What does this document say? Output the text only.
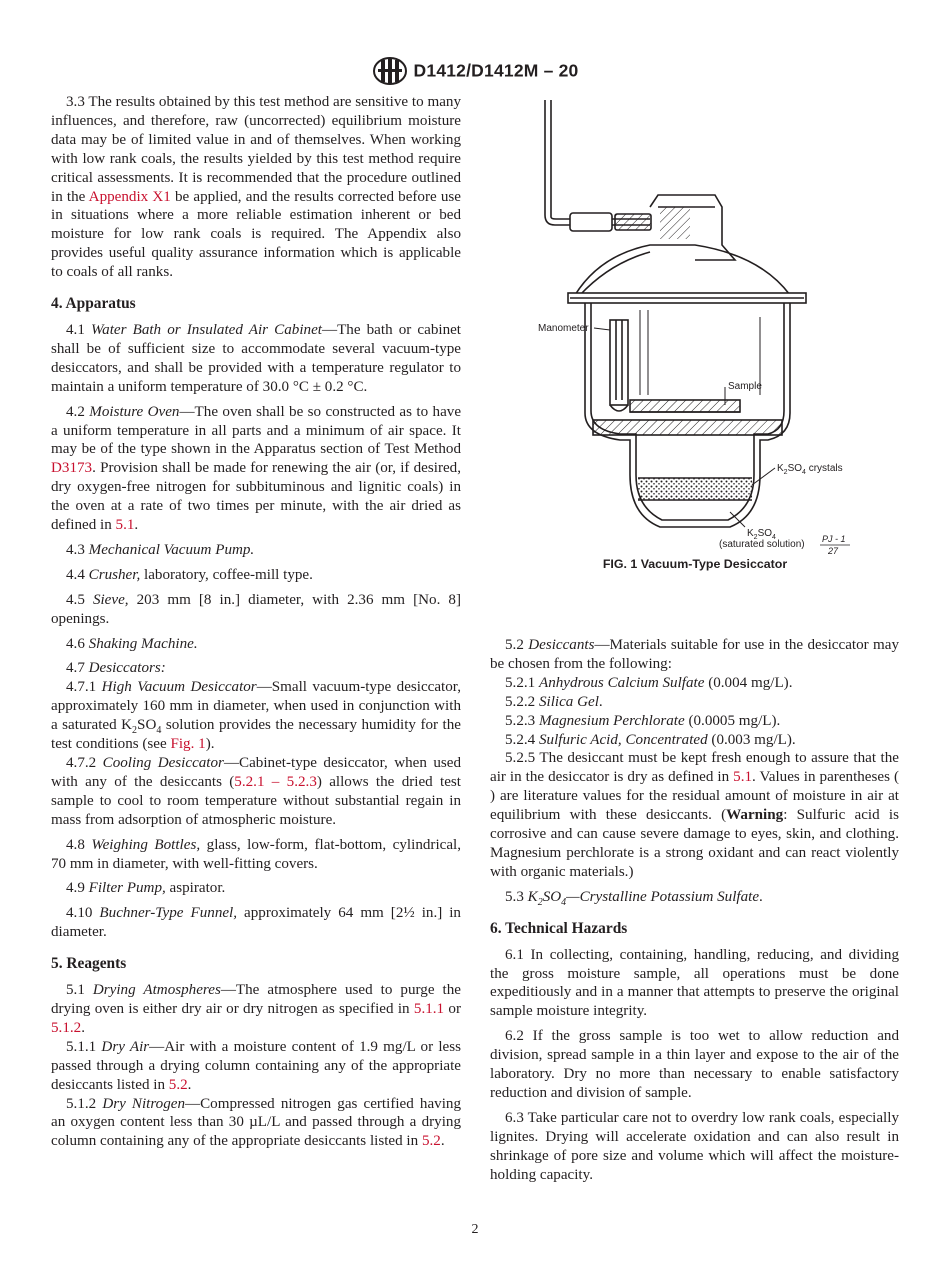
D1412/D1412M – 20

3.3 The results obtained by this test method are sensitive to many influences, and therefore, raw (uncorrected) equilibrium moisture data may be of limited value in and of themselves. When working with low rank coals, the results yielded by this test method require critical assessments. It is recommended that the procedure outlined in the Appendix X1 be applied, and the results corrected before use in situations where a more reliable estimation inherent or bed moisture for low rank coals is required. The Appendix also provides useful quality assurance information which is applicable to coals of all ranks.

4. Apparatus

4.1 Water Bath or Insulated Air Cabinet—The bath or cabinet shall be of sufficient size to accommodate several vacuum-type desiccators, and shall be provided with a temperature regulator to maintain a uniform temperature of 30.0 °C ± 0.2 °C.

4.2 Moisture Oven—The oven shall be so constructed as to have a uniform temperature in all parts and a minimum of air space. It may be of the type shown in the Apparatus section of Test Method D3173. Provision shall be made for renewing the air (or, if desired, dry oxygen-free nitrogen for subbituminous and lignitic coals) in the oven at a rate of two times per minute, with the air dried as defined in 5.1.

4.3 Mechanical Vacuum Pump.

4.4 Crusher, laboratory, coffee-mill type.

4.5 Sieve, 203 mm [8 in.] diameter, with 2.36 mm [No. 8] openings.

4.6 Shaking Machine.

4.7 Desiccators:

4.7.1 High Vacuum Desiccator—Small vacuum-type desiccator, approximately 160 mm in diameter, when used in conjunction with a saturated $K_2SO_4$ solution provides the necessary humidity for the test conditions (see Fig. 1).

4.7.2 Cooling Desiccator—Cabinet-type desiccator, when used with any of the desiccants (5.2.1 – 5.2.3) allows the dried test sample to cool to room temperature without substantial regain in mass from adsorption of atmospheric moisture.

4.8 Weighing Bottles, glass, low-form, flat-bottom, cylindrical, 70 mm in diameter, with well-fitting covers.

4.9 Filter Pump, aspirator.

4.10 Buchner-Type Funnel, approximately 64 mm [2½ in.] in diameter.

5. Reagents

5.1 Drying Atmospheres—The atmosphere used to purge the drying oven is either dry air or dry nitrogen as specified in 5.1.1 or 5.1.2.

5.1.1 Dry Air—Air with a moisture content of 1.9 mg/L or less passed through a drying column containing any of the appropriate desiccants listed in 5.2.

5.1.2 Dry Nitrogen—Compressed nitrogen gas certified having an oxygen content less than 30 µL/L and passed through a drying column containing any of the appropriate desiccants listed in 5.2.

Manometer
Sample
$K_2SO_4$ crystals
$K_2SO_4$
(saturated solution) PJ - 1
27
FIG. 1 Vacuum-Type Desiccator

5.2 Desiccants—Materials suitable for use in the desiccator may be chosen from the following:

5.2.1 Anhydrous Calcium Sulfate (0.004 mg/L).

5.2.2 Silica Gel.

5.2.3 Magnesium Perchlorate (0.0005 mg/L).

5.2.4 Sulfuric Acid, Concentrated (0.003 mg/L).

5.2.5 The desiccant must be kept fresh enough to assure that the air in the desiccator is dry as defined in 5.1. Values in parentheses ( ) are literature values for the residual amount of moisture in air at equilibrium with these desiccants. (Warning: Sulfuric acid is corrosive and can cause severe damage to eyes, skin, and clothing. Magnesium perchlorate is a strong oxidant and can react violently with organic materials.)

5.3 $K_2SO_4—Crystalline$ Potassium Sulfate.

6. Technical Hazards

6.1 In collecting, containing, handling, reducing, and dividing the gross moisture sample, all operations must be done expeditiously and in a manner that attempts to preserve the original sample moisture integrity.

6.2 If the gross sample is too wet to allow reduction and division, spread sample in a thin layer and expose to the air of the laboratory. Dry no more than necessary to enable satisfactory reduction and division of sample.

6.3 Take particular care not to overdry low rank coals, especially lignites. Drying will accelerate oxidation and can also result in shrinkage of pore size and volume which will affect the moisture-holding capacity.

2
